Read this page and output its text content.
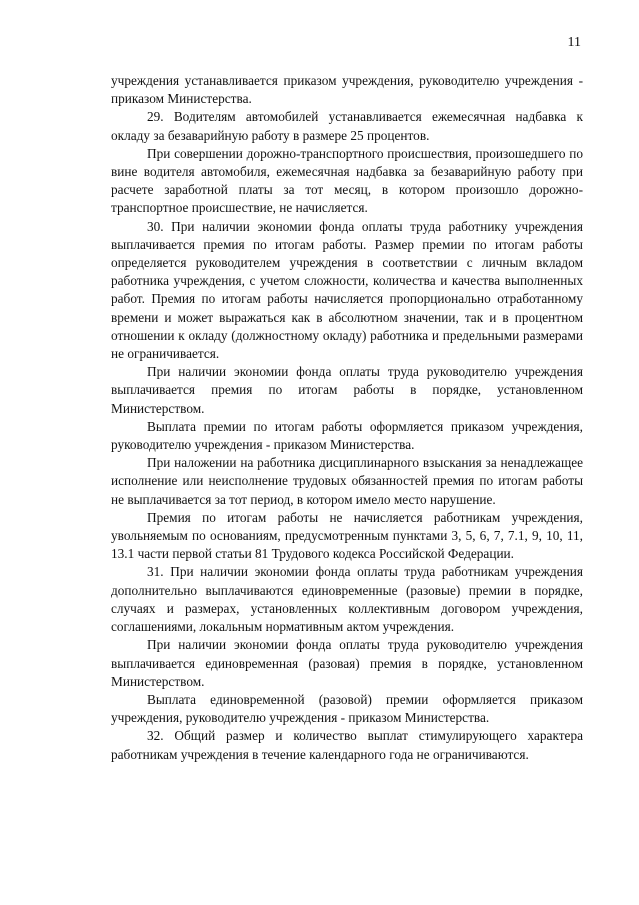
11

учреждения устанавливается приказом учреждения, руководителю учреждения - приказом Министерства.

29. Водителям автомобилей устанавливается ежемесячная надбавка к окладу за безаварийную работу в размере 25 процентов.

При совершении дорожно-транспортного происшествия, произошедшего по вине водителя автомобиля, ежемесячная надбавка за безаварийную работу при расчете заработной платы за тот месяц, в котором произошло дорожно-транспортное происшествие, не начисляется.

30. При наличии экономии фонда оплаты труда работнику учреждения выплачивается премия по итогам работы. Размер премии по итогам работы определяется руководителем учреждения в соответствии с личным вкладом работника учреждения, с учетом сложности, количества и качества выполненных работ. Премия по итогам работы начисляется пропорционально отработанному времени и может выражаться как в абсолютном значении, так и в процентном отношении к окладу (должностному окладу) работника и предельными размерами не ограничивается.

При наличии экономии фонда оплаты труда руководителю учреждения выплачивается премия по итогам работы в порядке, установленном Министерством.

Выплата премии по итогам работы оформляется приказом учреждения, руководителю учреждения - приказом Министерства.

При наложении на работника дисциплинарного взыскания за ненадлежащее исполнение или неисполнение трудовых обязанностей премия по итогам работы не выплачивается за тот период, в котором имело место нарушение.

Премия по итогам работы не начисляется работникам учреждения, увольняемым по основаниям, предусмотренным пунктами 3, 5, 6, 7, 7.1, 9, 10, 11, 13.1 части первой статьи 81 Трудового кодекса Российской Федерации.

31. При наличии экономии фонда оплаты труда работникам учреждения дополнительно выплачиваются единовременные (разовые) премии в порядке, случаях и размерах, установленных коллективным договором учреждения, соглашениями, локальным нормативным актом учреждения.

При наличии экономии фонда оплаты труда руководителю учреждения выплачивается единовременная (разовая) премия в порядке, установленном Министерством.

Выплата единовременной (разовой) премии оформляется приказом учреждения, руководителю учреждения - приказом Министерства.

32. Общий размер и количество выплат стимулирующего характера работникам учреждения в течение календарного года не ограничиваются.
